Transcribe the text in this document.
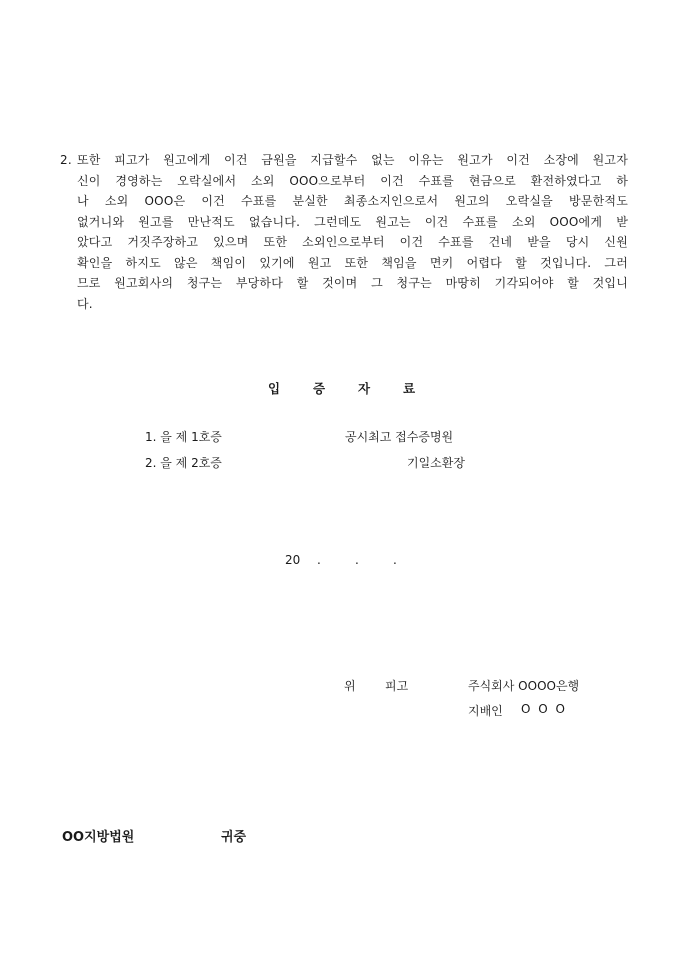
2. 또한 피고가 원고에게 이건 금원을 지급할수 없는 이유는 원고가 이건 소장에 원고자
신이 경영하는 오락실에서 소외 OOO으로부터 이건 수표를 현금으로 환전하였다고 하
나 소외 OOO은 이건 수표를 분실한 최종소지인으로서 원고의 오락실을 방문한적도
없거니와 원고를 만난적도 없습니다. 그런데도 원고는 이건 수표를 소외 OOO에게 받
았다고 거짓주장하고 있으며 또한 소외인으로부터 이건 수표를 건네 받을 당시 신원
확인을 하지도 않은 책임이 있기에 원고 또한 책임을 면키 어렵다 할 것입니다. 그러
므로 원고회사의 청구는 부당하다 할 것이며 그 청구는 마땅히 기각되어야 할 것입니
다.
입	증	자	료
1. 을 제 1호증	공시최고 접수증명원
2. 을 제 2호증	기일소환장
20 .	.	.
위 피고	주식회사 OOOO은행
지배인 O O O
OO지방법원	귀중
